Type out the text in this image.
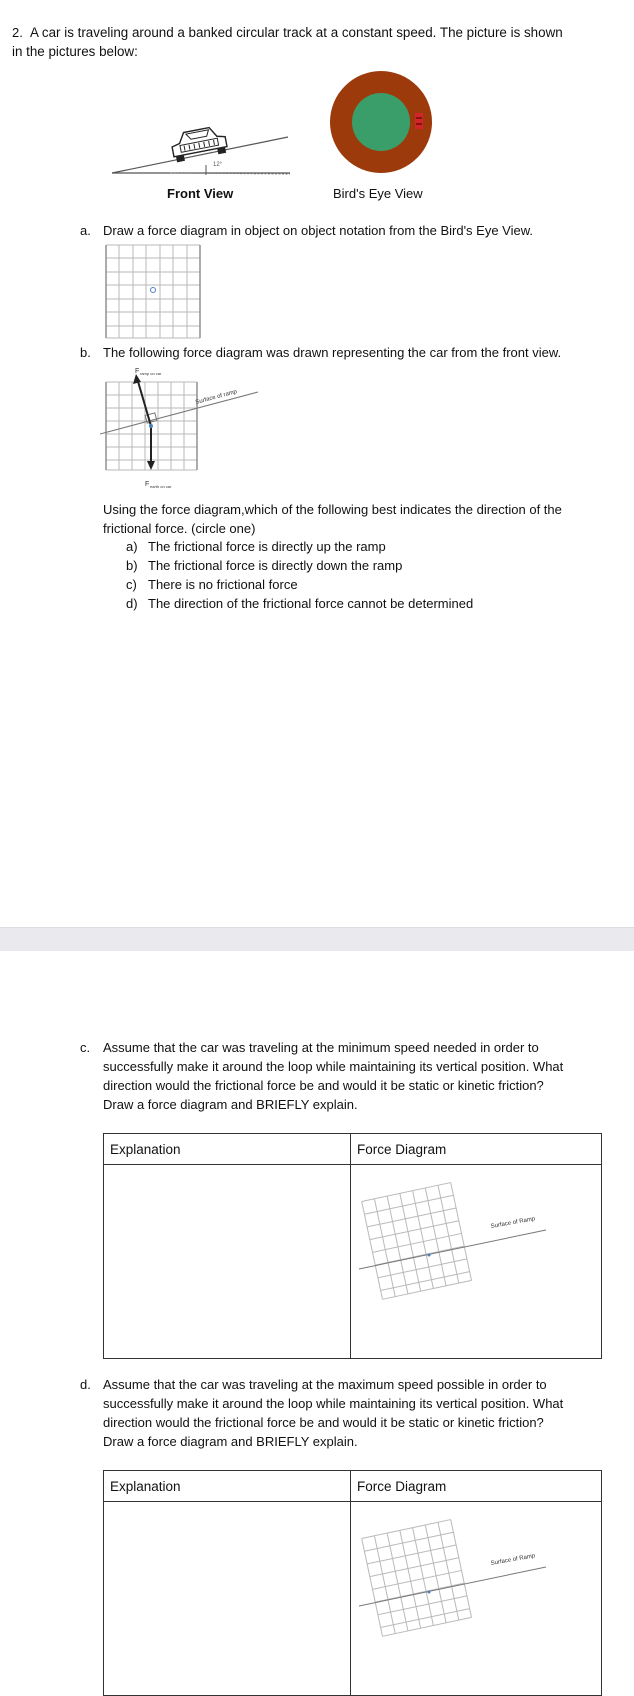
2. A car is traveling around a banked circular track at a constant speed. The picture is shown
in the pictures below:
12°
Front View	Bird's Eye View
a. Draw a force diagram in object on object notation from the Bird's Eye View.
b. The following force diagram was drawn representing the car from the front view.
F ramp on car
Surface of ramp
F earth on car
Using the force diagram,which of the following best indicates the direction of the
frictional force. (circle one)
a) The frictional force is directly up the ramp
b) The frictional force is directly down the ramp
c) There is no frictional force
d) The direction of the frictional force cannot be determined
c. Assume that the car was traveling at the minimum speed needed in order to
successfully make it around the loop while maintaining its vertical position. What
direction would the frictional force be and would it be static or kinetic friction?
Draw a force diagram and BRIEFLY explain.
Explanation	Force Diagram

Surface of Ramp
d. Assume that the car was traveling at the maximum speed possible in order to
successfully make it around the loop while maintaining its vertical position. What
direction would the frictional force be and would it be static or kinetic friction?
Draw a force diagram and BRIEFLY explain.
Explanation	Force Diagram

Surface of Ramp
